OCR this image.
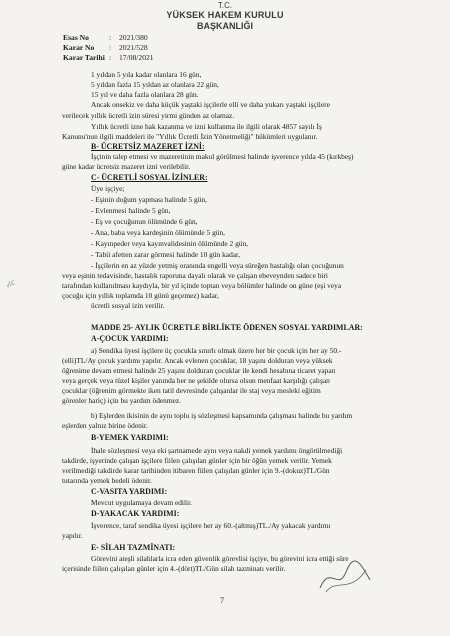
T.C.
YÜKSEK HAKEM KURULU
BAŞKANLIĞI
Esas No	:	2021/380
Karar No	:	2021/528
Karar Tarihi :	17/08/2021
1 yıldan 5 yıla kadar olanlara 16 gün,
5 yıldan fazla 15 yıldan az olanlara 22 gün,
15 yıl ve daha fazla olanlara 28 gün.
Ancak onsekiz ve daha küçük yaştaki işçilerle elli ve daha yukarı yaştaki işçilere
verilecek yıllık ücretli izin süresi yirmi günden az olamaz.
Yıllık ücretli izne hak kazanma ve izni kullanma ile ilgili olarak 4857 sayılı İş
Kanunu'nun ilgili maddeleri ile "Yıllık Ücretli İzin Yönetmeliği" hükümleri uygulanır.
B- ÜCRETSİZ MAZERET İZNİ:
İşçinin talep etmesi ve mazeretinin makul görülmesi halinde işverence yılda 45 (kırkbeş)
güne kadar ücretsiz mazeret izni verilebilir.
C- ÜCRETLİ SOSYAL İZİNLER:
Üye işçiye;
- Eşinin doğum yapması halinde 5 gün,
- Evlenmesi halinde 5 gün,
- Eş ve çocuğunun ölümünde 6 gün,
- Ana, baba veya kardeşinin ölümünde 5 gün,
- Kayınpeder veya kayınvalidesinin ölümünde 2 gün,
- Tabii afetten zarar görmesi halinde 10 gün kadar,
- İşçilerin en az yüzde yetmiş oranında engelli veya süreğen hastalığı olan çocuğunun
veya eşinin tedavisinde, hastalık raporuna dayalı olarak ve çalışan ebeveynden sadece biri
tarafından kullanılması kaydıyla, bir yıl içinde toptan veya bölümler halinde on güne (eşi veya
çocuğu için yıllık toplamda 10 günü geçemez) kadar,
ücretli sosyal izin verilir.
MADDE 25- AYLIK ÜCRETLE BİRLİKTE ÖDENEN SOSYAL YARDIMLAR:
A-ÇOCUK YARDIMI:
a) Sendika üyesi işçilere üç çocukla sınırlı olmak üzere her bir çocuk için her ay 50.-
(elli)TL/Ay çocuk yardımı yapılır. Ancak evlenen çocuklar, 18 yaşını dolduran veya yüksek
öğrenime devam etmesi halinde 25 yaşını dolduran çocuklar ile kendi hesabına ticaret yapan
veya gerçek veya tüzel kişiler yanında her ne şekilde olursa olsun menfaat karşılığı çalışan
çocuklar (öğrenim görmekte iken tatil devresinde çalışanlar ile staj veya mesleki eğitim
görenler hariç) için bu yardım ödenmez.
b) Eşlerden ikisinin de aynı toplu iş sözleşmesi kapsamında çalışması halinde bu yardım
eşlerden yalnız birine ödenir.
B-YEMEK YARDIMI:
İhale sözleşmesi veya eki şartnamede aynı veya nakdi yemek yardımı öngörülmediği
takdirde, işyerinde çalışan işçilere fiilen çalışılan günler için bir öğün yemek verilir. Yemek
verilmediği takdirde karar tarihinden itibaren fiilen çalışılan günler için 9.-(dokuz)TL/Gün
tutarında yemek bedeli ödenir.
C-VASITA YARDIMI:
Mevcut uygulamaya devam edilir.
D-YAKACAK YARDIMI:
İşverence, taraf sendika üyesi işçilere her ay 60.-(altmış)TL./Ay yakacak yardımı
yapılır.
E- SİLAH TAZMİNATI:
Görevini ateşli silahlarla icra eden güvenlik görevlisi işçiye, bu görevini icra ettiği süre
içerisinde fiilen çalışılan günler için 4.-(dört)TL/Gün silah tazminatı verilir.
ሪc
7
